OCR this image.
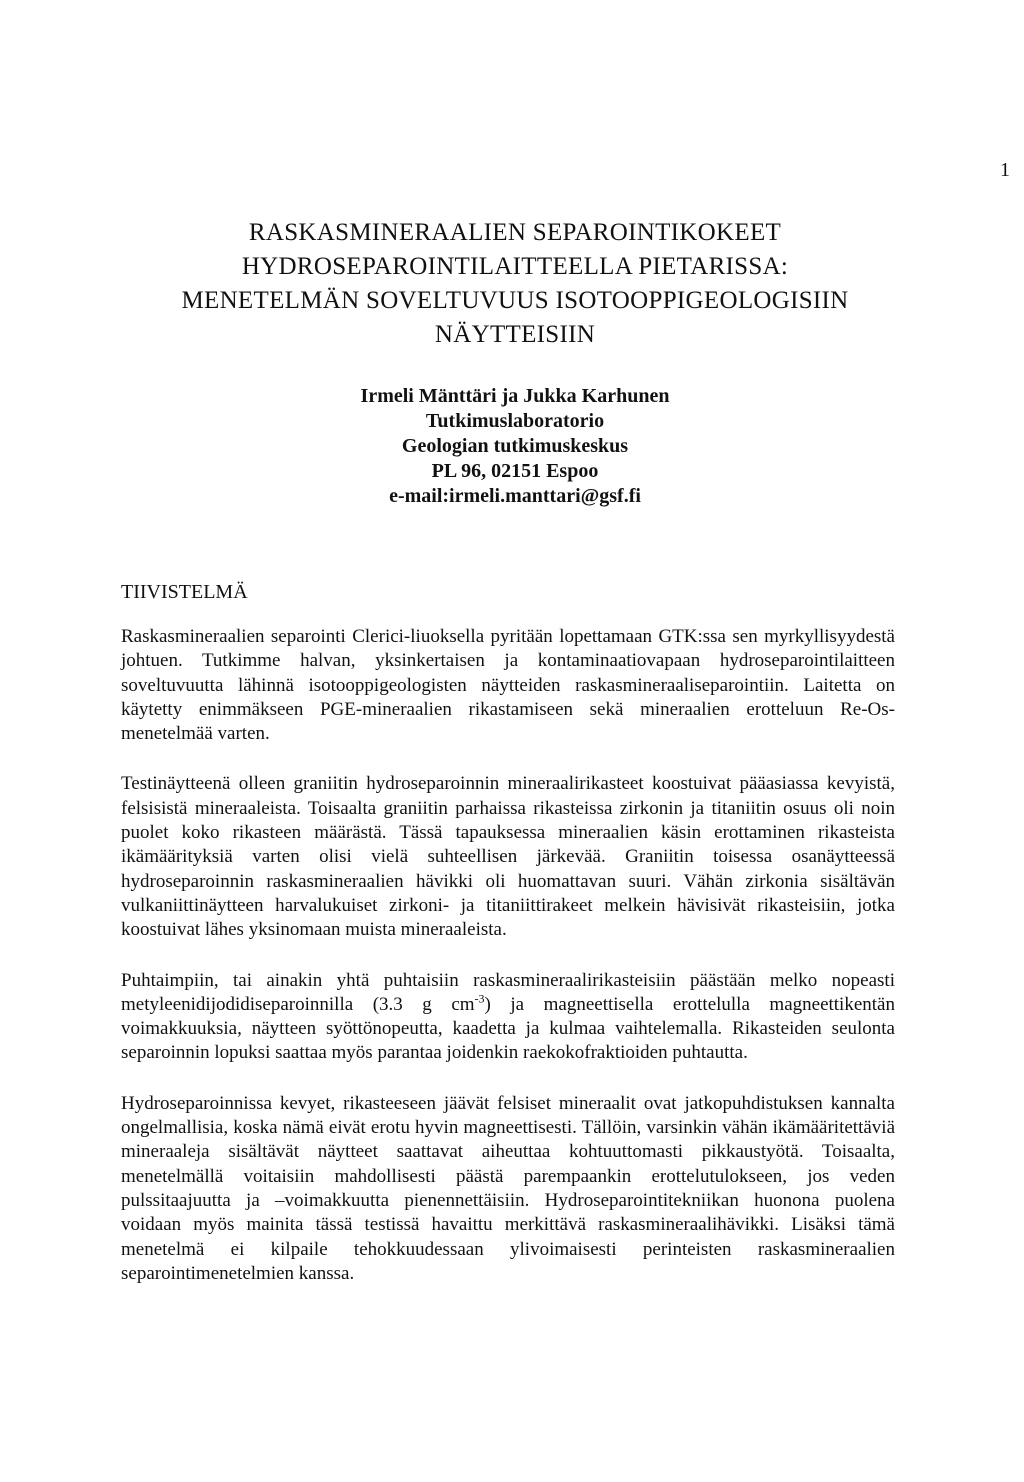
1
RASKASMINERAALIEN SEPAROINTIKOKEET
HYDROSEPAROINTILAITTEELLA PIETARISSA:
MENETELMÄN SOVELTUVUUS ISOTOOPPIGEOLOGISIIN
NÄYTTEISIIN
Irmeli Mänttäri ja Jukka Karhunen
Tutkimuslaboratorio
Geologian tutkimuskeskus
PL 96, 02151 Espoo
e-mail:irmeli.manttari@gsf.fi
TIIVISTELMÄ

Raskasmineraalien separointi Clerici-liuoksella pyritään lopettamaan GTK:ssa sen myrkyllisyydestä johtuen. Tutkimme halvan, yksinkertaisen ja kontaminaatiovapaan hydroseparointilaitteen soveltuvuutta lähinnä isotooppigeologisten näytteiden raskasmineraaliseparointiin. Laitetta on käytetty enimmäkseen PGE-mineraalien rikastamiseen sekä mineraalien erotteluun Re-Os-menetelmää varten.

Testinäytteenä olleen graniitin hydroseparoinnin mineraalirikasteet koostuivat pääasiassa kevyistä, felsisistä mineraaleista. Toisaalta graniitin parhaissa rikasteissa zirkonin ja titaniitin osuus oli noin puolet koko rikasteen määrästä. Tässä tapauksessa mineraalien käsin erottaminen rikasteista ikämäärityksiä varten olisi vielä suhteellisen järkevää. Graniitin toisessa osanäytteessä hydroseparoinnin raskasmineraalien hävikki oli huomattavan suuri. Vähän zirkonia sisältävän vulkaniittinäytteen harvalukuiset zirkoni- ja titaniittirakeet melkein hävisivät rikasteisiin, jotka koostuivat lähes yksinomaan muista mineraaleista.

Puhtaimpiin, tai ainakin yhtä puhtaisiin raskasmineraalirikasteisiin päästään melko nopeasti metyleenidijodidiseparoinnilla (3.3 g $cm^{-3}$) ja magneettisella erottelulla magneettikentän voimakkuuksia, näytteen syöttönopeutta, kaadetta ja kulmaa vaihtelemalla. Rikasteiden seulonta separoinnin lopuksi saattaa myös parantaa joidenkin raekokofraktioiden puhtautta.

Hydroseparoinnissa kevyet, rikasteeseen jäävät felsiset mineraalit ovat jatkopuhdistuksen kannalta ongelmallisia, koska nämä eivät erotu hyvin magneettisesti. Tällöin, varsinkin vähän ikämääritettäviä mineraaleja sisältävät näytteet saattavat aiheuttaa kohtuuttomasti pikkaustyötä. Toisaalta, menetelmällä voitaisiin mahdollisesti päästä parempaankin erottelutulokseen, jos veden pulssitaajuutta ja –voimakkuutta pienennettäisiin. Hydroseparointitekniikan huonona puolena voidaan myös mainita tässä testissä havaittu merkittävä raskasmineraalihävikki. Lisäksi tämä menetelmä ei kilpaile tehokkuudessaan ylivoimaisesti perinteisten raskasmineraalien separointimenetelmien kanssa.
